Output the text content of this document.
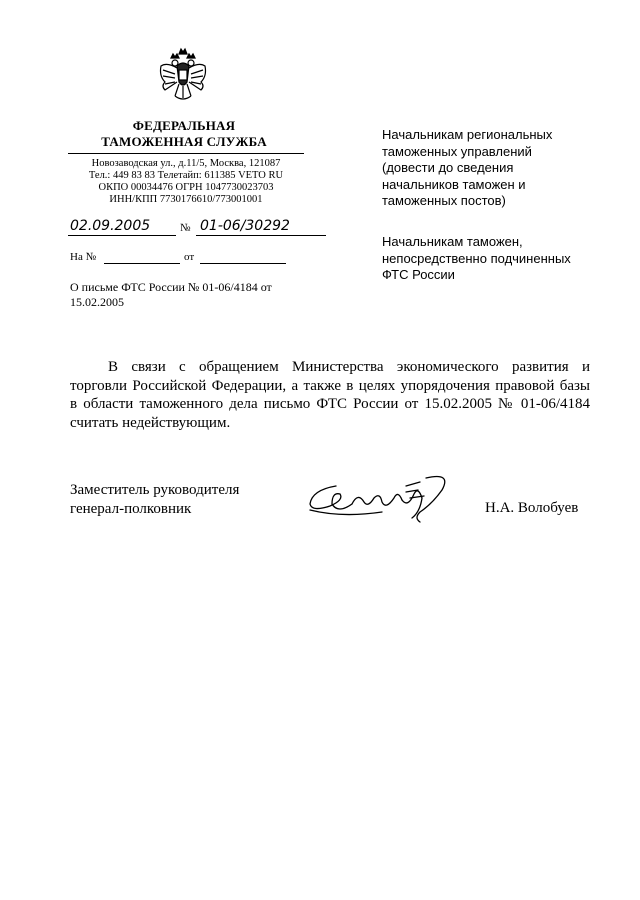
ФЕДЕРАЛЬНАЯ
ТАМОЖЕННАЯ СЛУЖБА
Новозаводская ул., д.11/5, Москва, 121087
Тел.: 449 83 83 Телетайп: 611385 VETO RU
ОКПО 00034476 ОГРН 1047730023703
ИНН/КПП 7730176610/773001001
02.09.2005	№ 01-06/30292
На №	от
О письме ФТС России № 01-06/4184 от
15.02.2005
Начальникам региональных
таможенных управлений
(довести до сведения
начальников таможен и
таможенных постов)
Начальникам таможен,
непосредственно подчиненных
ФТС России
В связи с обращением Министерства экономического развития и
торговли Российской Федерации, а также в целях упорядочения правовой базы
в области таможенного дела письмо ФТС России от 15.02.2005 № 01-06/4184
считать недействующим.
Заместитель руководителя
генерал-полковник	Н.А. Волобуев
